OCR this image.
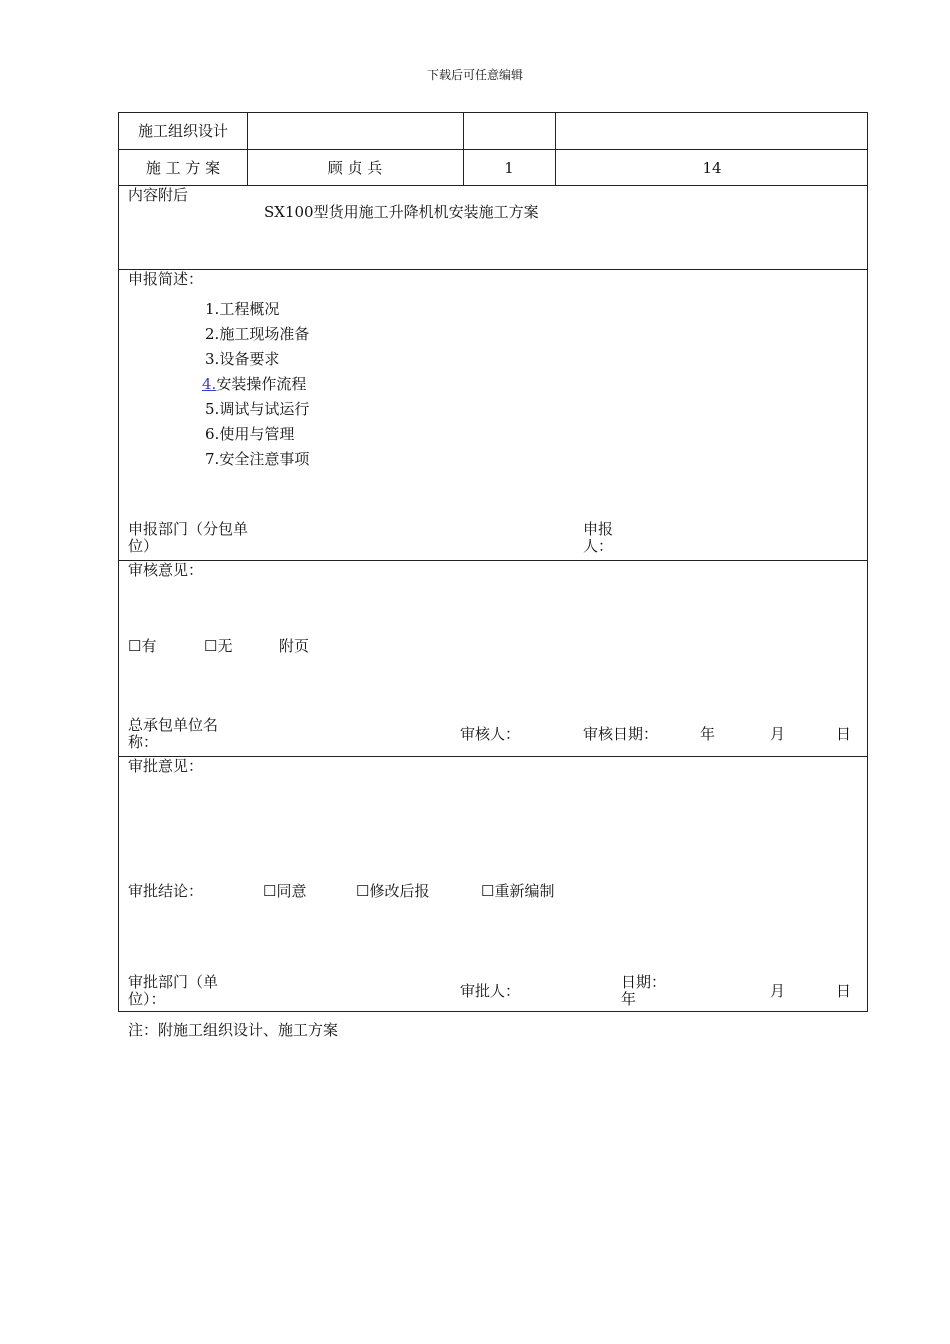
下载后可任意编辑
施工组织设计
施 工 方 案	顾 贞 兵	1	14
内容附后
SX100型货用施工升降机机安装施工方案
申报简述：
1.工程概况
2.施工现场准备
3.设备要求
4.安装操作流程
5.调试与试运行
6.使用与管理
7.安全注意事项
申报部门（分包单
位）
申报
人：
审核意见：
☐有	☐无	附页
总承包单位名
称：	审核人：	审核日期：	年	月	日
审批意见：
审批结论：	☐同意	☐修改后报	☐重新编制
审批部门（单
位）：	审批人：	日期：
年	月	日
注：附施工组织设计、施工方案
